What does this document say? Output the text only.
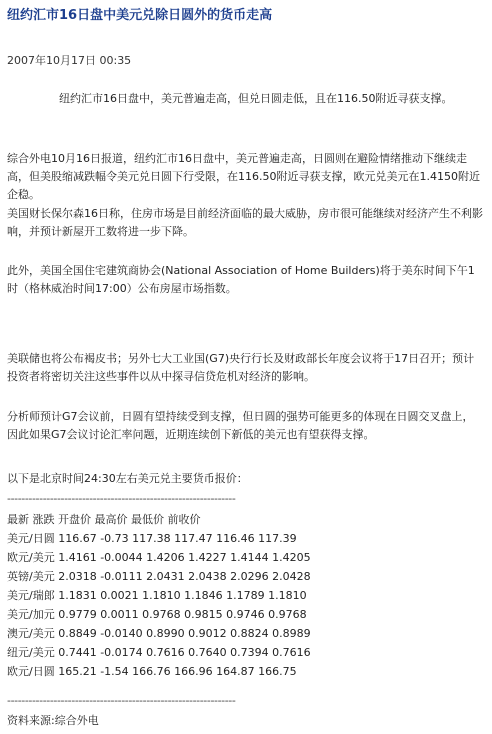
纽约汇市16日盘中美元兑除日圆外的货币走高
2007年10月17日 00:35

纽约汇市16日盘中，美元普遍走高，但兑日圆走低，且在116.50附近寻获支撑。

综合外电10月16日报道，纽约汇市16日盘中，美元普遍走高，日圆则在避险情绪推动下继续走高，但美股缩减跌幅令美元兑日圆下行受限，在116.50附近寻获支撑，欧元兑美元在1.4150附近企稳。

美国财长保尔森16日称，住房市场是目前经济面临的最大威胁，房市很可能继续对经济产生不利影响，并预计新屋开工数将进一步下降。

此外，美国全国住宅建筑商协会(National Association of Home Builders)将于美东时间下午1时（格林威治时间17:00）公布房屋市场指数。

美联储也将公布褐皮书；另外七大工业国(G7)央行行长及财政部长年度会议将于17日召开；预计投资者将密切关注这些事件以从中探寻信贷危机对经济的影响。

分析师预计G7会议前，日圆有望持续受到支撑，但日圆的强势可能更多的体现在日圆交叉盘上，因此如果G7会议讨论汇率问题，近期连续创下新低的美元也有望获得支撑。

以下是北京时间24:30左右美元兑主要货币报价：

----------------------------------------------------------------
最新 涨跌 开盘价 最高价 最低价 前收价
美元/日圆 116.67 -0.73 117.38 117.47 116.46 117.39
欧元/美元 1.4161 -0.0044 1.4206 1.4227 1.4144 1.4205
英镑/美元 2.0318 -0.0111 2.0431 2.0438 2.0296 2.0428
美元/瑞郎 1.1831 0.0021 1.1810 1.1846 1.1789 1.1810
美元/加元 0.9779 0.0011 0.9768 0.9815 0.9746 0.9768
澳元/美元 0.8849 -0.0140 0.8990 0.9012 0.8824 0.8989
纽元/美元 0.7441 -0.0174 0.7616 0.7640 0.7394 0.7616
欧元/日圆 165.21 -1.54 166.76 166.96 164.87 166.75
----------------------------------------------------------------
资料来源:综合外电
